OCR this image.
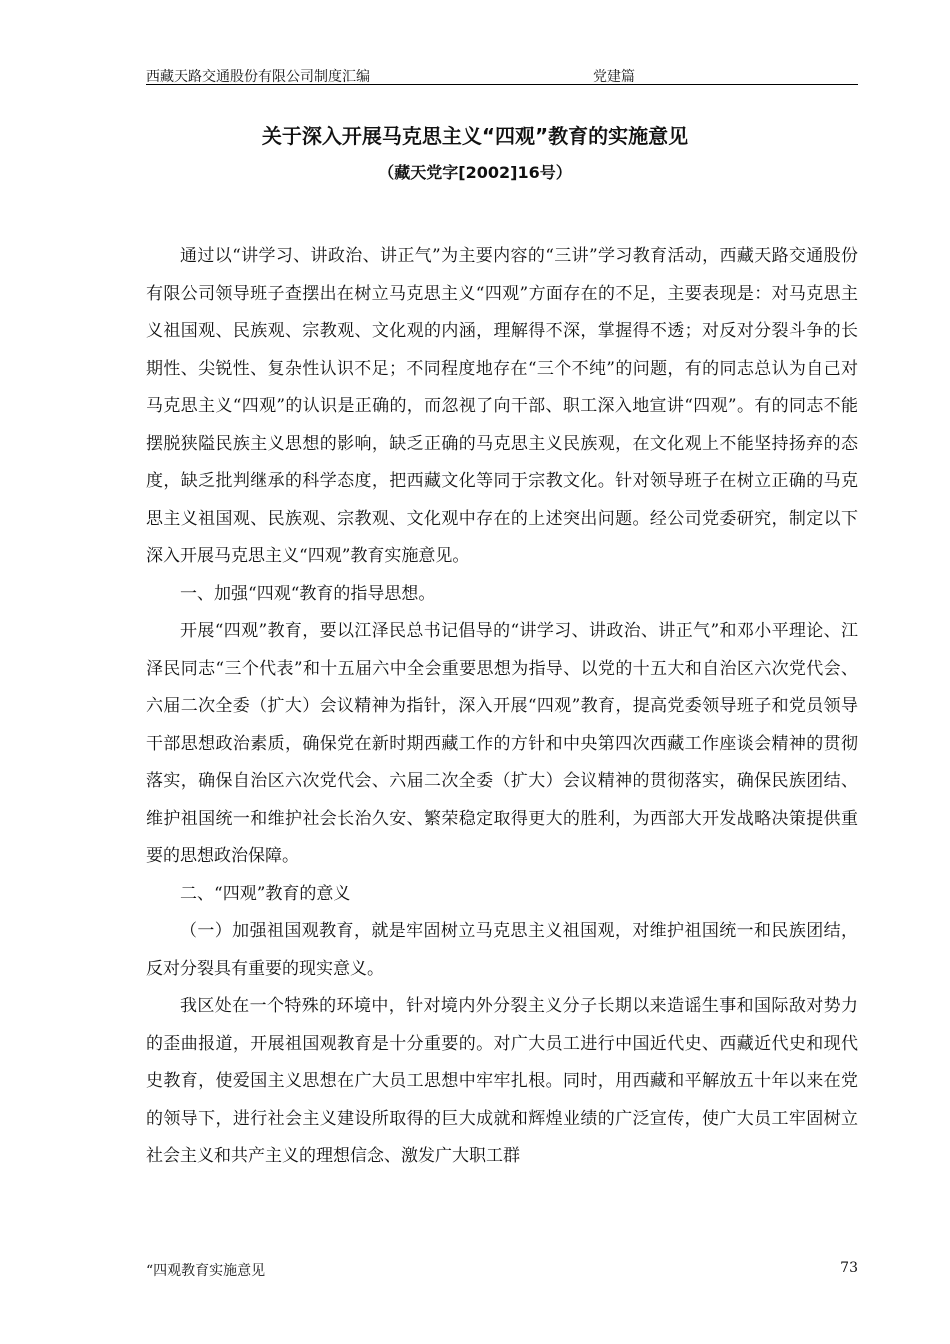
西藏天路交通股份有限公司制度汇编	党建篇
关于深入开展马克思主义“四观”教育的实施意见
（藏天党字[2002]16号）

通过以“讲学习、讲政治、讲正气”为主要内容的“三讲”学习教育活动，西藏天路交通股份有限公司领导班子查摆出在树立马克思主义“四观”方面存在的不足，主要表现是：对马克思主义祖国观、民族观、宗教观、文化观的内涵，理解得不深，掌握得不透；对反对分裂斗争的长期性、尖锐性、复杂性认识不足；不同程度地存在“三个不纯”的问题，有的同志总认为自己对马克思主义“四观”的认识是正确的，而忽视了向干部、职工深入地宣讲“四观”。有的同志不能摆脱狭隘民族主义思想的影响，缺乏正确的马克思主义民族观，在文化观上不能坚持扬弃的态度，缺乏批判继承的科学态度，把西藏文化等同于宗教文化。针对领导班子在树立正确的马克思主义祖国观、民族观、宗教观、文化观中存在的上述突出问题。经公司党委研究，制定以下深入开展马克思主义“四观”教育实施意见。

一、加强“四观“教育的指导思想。

开展“四观”教育，要以江泽民总书记倡导的“讲学习、讲政治、讲正气”和邓小平理论、江泽民同志“三个代表”和十五届六中全会重要思想为指导、以党的十五大和自治区六次党代会、六届二次全委（扩大）会议精神为指针，深入开展“四观”教育，提高党委领导班子和党员领导干部思想政治素质，确保党在新时期西藏工作的方针和中央第四次西藏工作座谈会精神的贯彻落实，确保自治区六次党代会、六届二次全委（扩大）会议精神的贯彻落实，确保民族团结、维护祖国统一和维护社会长治久安、繁荣稳定取得更大的胜利，为西部大开发战略决策提供重要的思想政治保障。

二、“四观”教育的意义

（一）加强祖国观教育，就是牢固树立马克思主义祖国观，对维护祖国统一和民族团结，反对分裂具有重要的现实意义。

我区处在一个特殊的环境中，针对境内外分裂主义分子长期以来造谣生事和国际敌对势力的歪曲报道，开展祖国观教育是十分重要的。对广大员工进行中国近代史、西藏近代史和现代史教育，使爱国主义思想在广大员工思想中牢牢扎根。同时，用西藏和平解放五十年以来在党的领导下，进行社会主义建设所取得的巨大成就和辉煌业绩的广泛宣传，使广大员工牢固树立社会主义和共产主义的理想信念、激发广大职工群

“四观教育实施意见	73
